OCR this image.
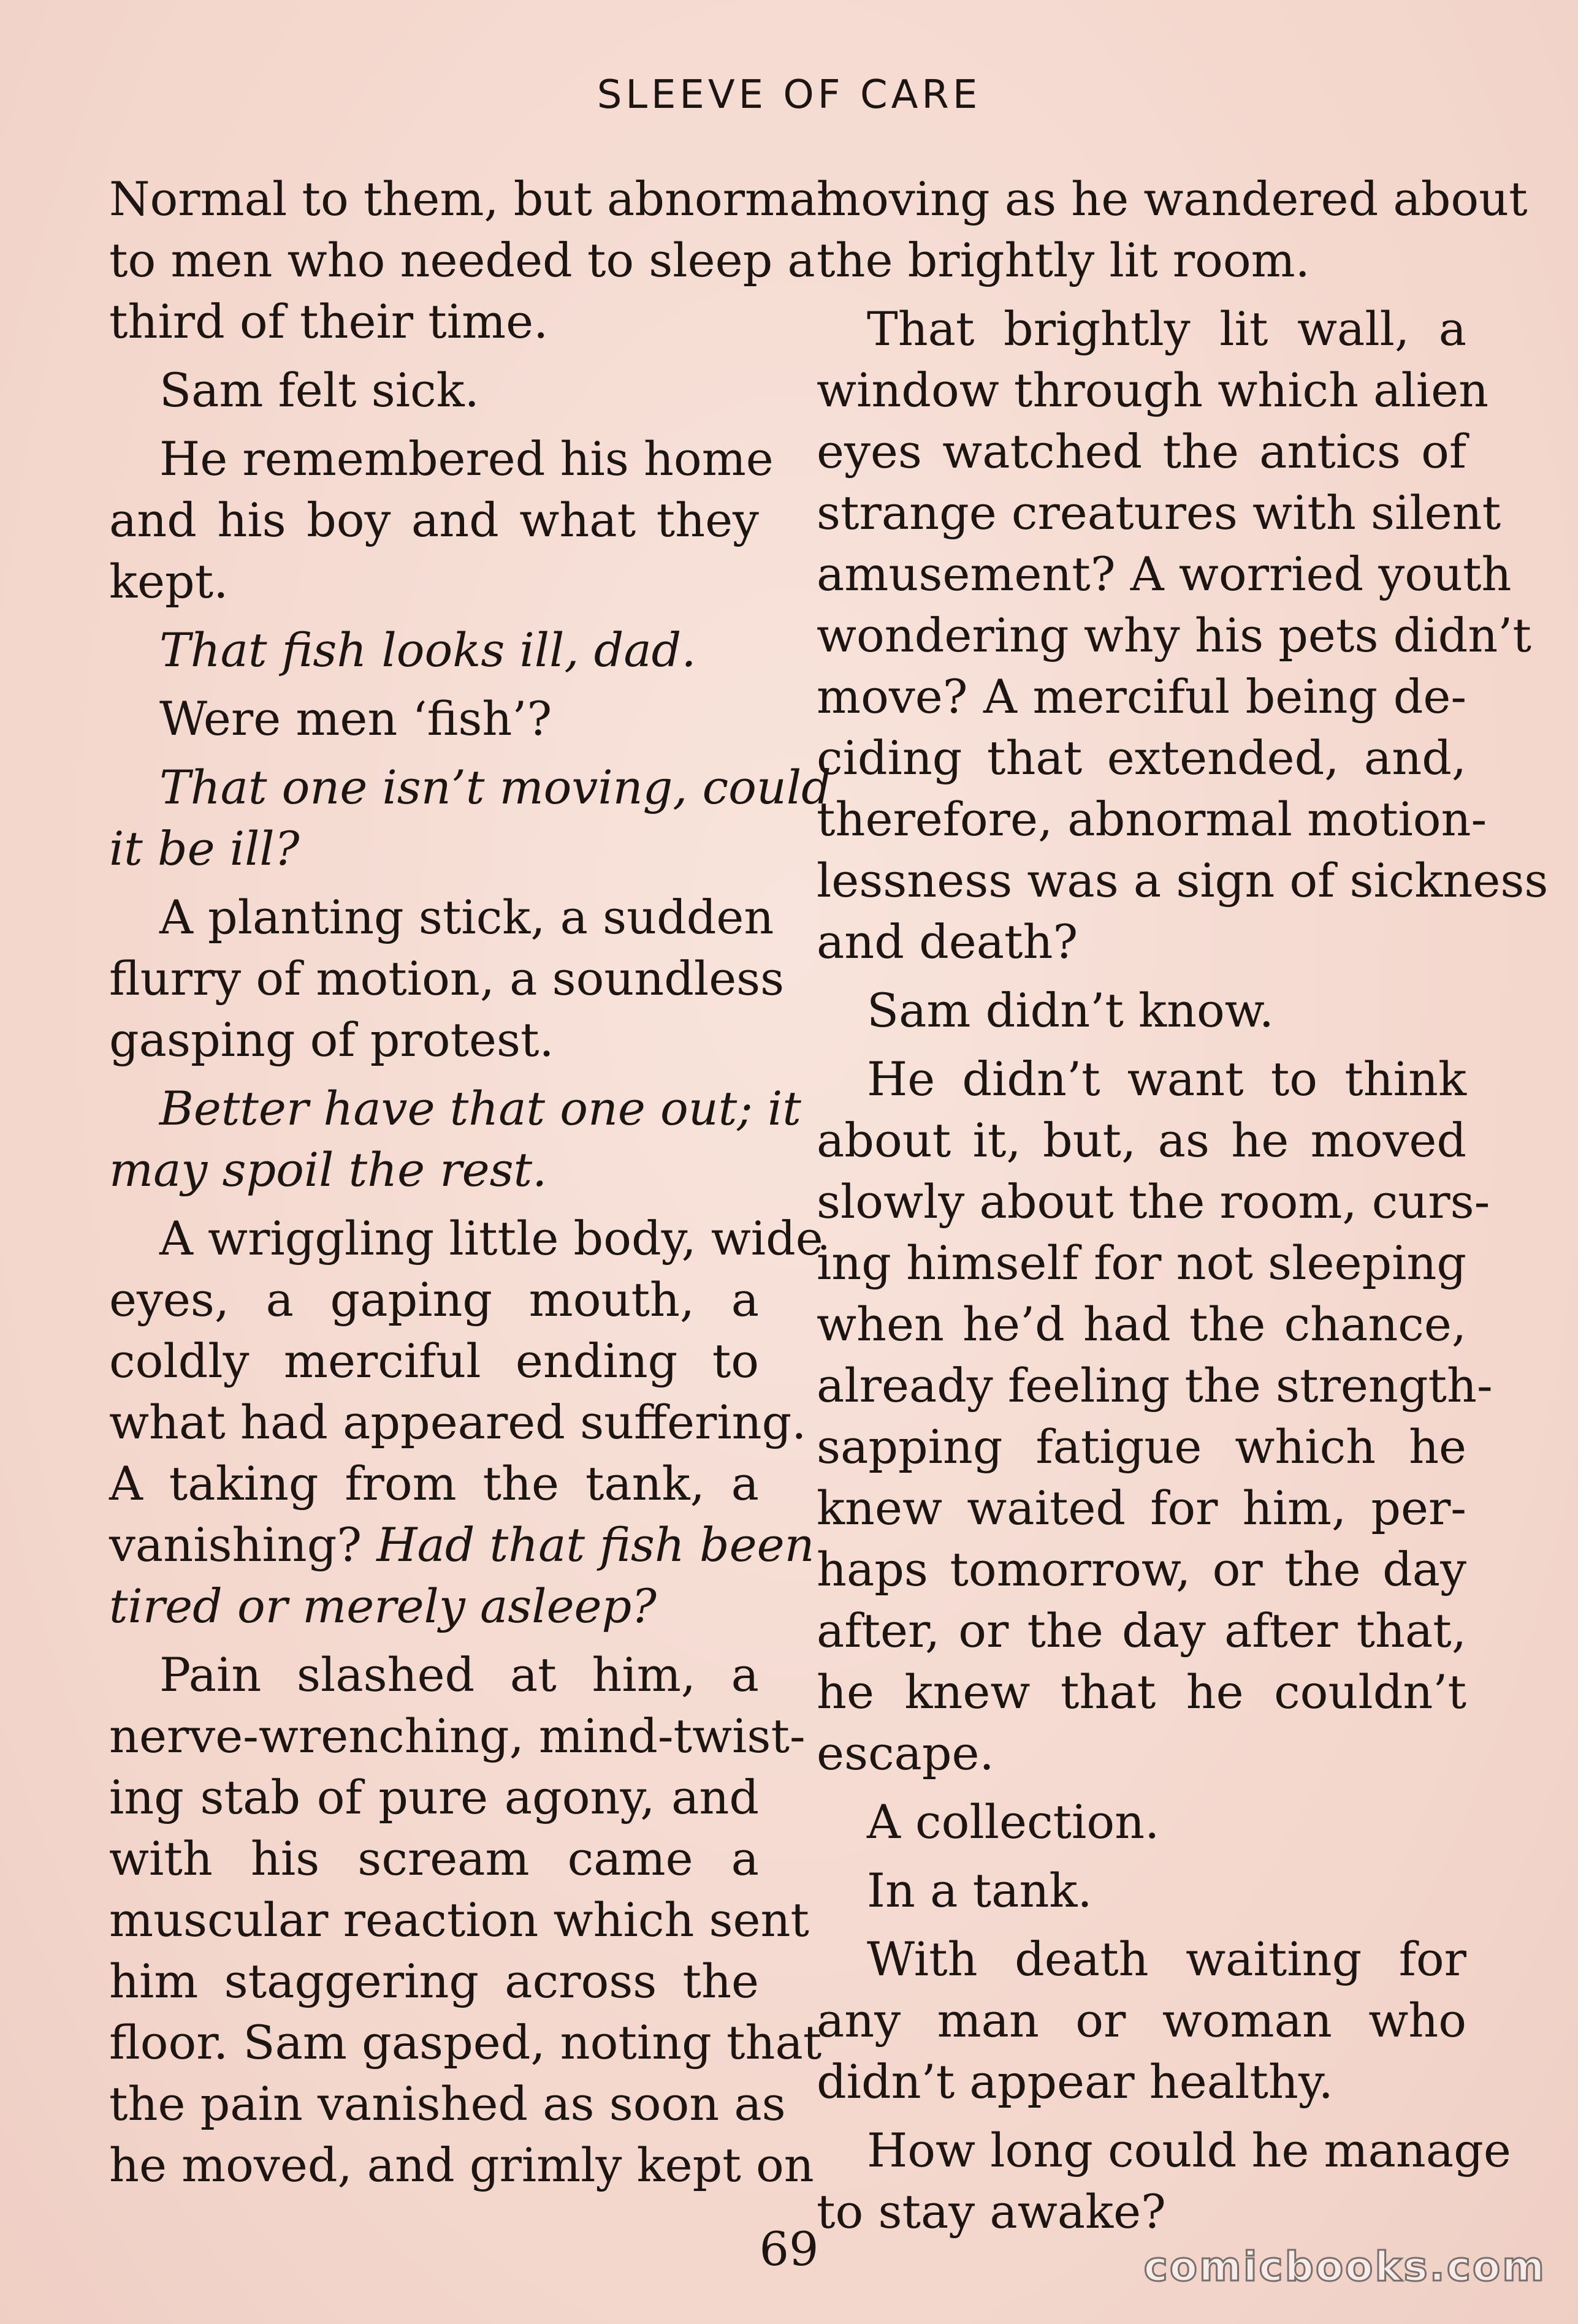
SLEEVE OF CARE
Normal to them, but abnormal
to men who needed to sleep a
third of their time.
Sam felt sick.
He remembered his home
and his boy and what they
kept.
That fish looks ill, dad.
Were men ‘fish’?
That one isn’t moving, could
it be ill?
A planting stick, a sudden
flurry of motion, a soundless
gasping of protest.
Better have that one out; it
may spoil the rest.
A wriggling little body, wide
eyes, a gaping mouth, a
coldly merciful ending to
what had appeared suffering.
A taking from the tank, a
vanishing? Had that fish been
tired or merely asleep?
Pain slashed at him, a
nerve-wrenching, mind-twist-
ing stab of pure agony, and
with his scream came a
muscular reaction which sent
him staggering across the
floor. Sam gasped, noting that
the pain vanished as soon as
he moved, and grimly kept on
moving as he wandered about
the brightly lit room.
That brightly lit wall, a
window through which alien
eyes watched the antics of
strange creatures with silent
amusement? A worried youth
wondering why his pets didn’t
move? A merciful being de-
ciding that extended, and,
therefore, abnormal motion-
lessness was a sign of sickness
and death?
Sam didn’t know.
He didn’t want to think
about it, but, as he moved
slowly about the room, curs-
ing himself for not sleeping
when he’d had the chance,
already feeling the strength-
sapping fatigue which he
knew waited for him, per-
haps tomorrow, or the day
after, or the day after that,
he knew that he couldn’t
escape.
A collection.
In a tank.
With death waiting for
any man or woman who
didn’t appear healthy.
How long could he manage
to stay awake?
69	comicbooks.com
